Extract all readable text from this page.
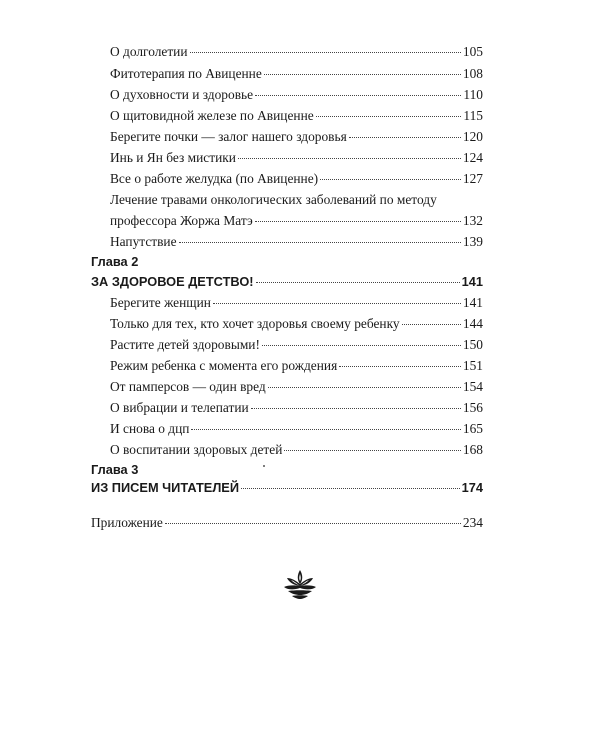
О долголетии	105
Фитотерапия по Авиценне	108
О духовности и здоровье	110
О щитовидной железе по Авиценне	115
Берегите почки — залог нашего здоровья	120
Инь и Ян без мистики	124
Все о работе желудка (по Авиценне)	127
Лечение травами онкологических заболеваний по методу
профессора Жоржа Матэ	132
Напутствие	139
Глава 2
ЗА ЗДОРОВОЕ ДЕТСТВО!	141
Берегите женщин	141
Только для тех, кто хочет здоровья своему ребенку	144
Растите детей здоровыми!	150
Режим ребенка с момента его рождения	151
От памперсов — один вред	154
О вибрации и телепатии	156
И снова о дцп	165
О воспитании здоровых детей	168
Глава 3
ИЗ ПИСЕМ ЧИТАТЕЛЕЙ	174
Приложение	234
